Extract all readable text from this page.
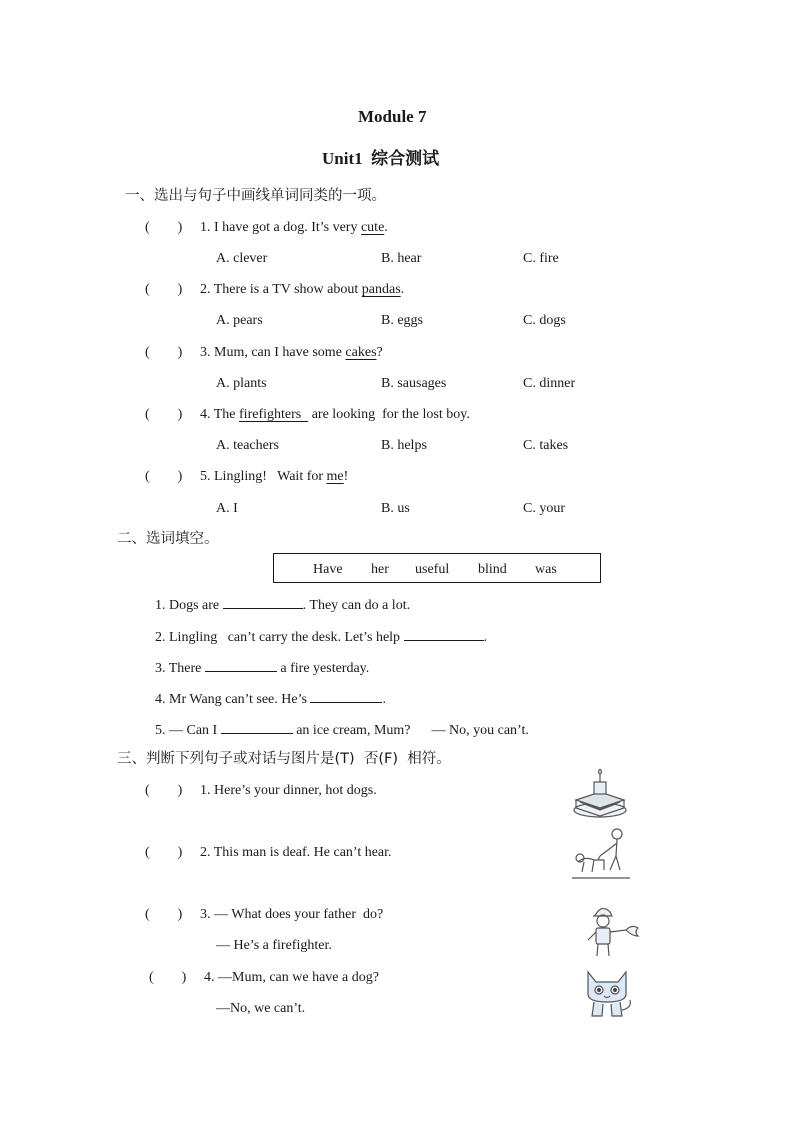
Module 7
Unit1  综合测试
一、选出与句子中画线单词同类的一项。
(        ) 1. I have got a dog. It’s very cute.
A. clever	B. hear	C. fire
(        ) 2. There is a TV show about pandas.
A. pears	B. eggs	C. dogs
(        ) 3. Mum, can I have some cakes?
A. plants	B. sausages	C. dinner
(        ) 4. The firefighters   are looking  for the lost boy.
A. teachers	B. helps	C. takes
(        ) 5. Lingling!   Wait for me!
A. I	B. us	C. your
二、选词填空。
Have her useful blind was
1. Dogs are	. They can do a lot.
2. Lingling   can’t carry the desk. Let’s help	.
3. There	a fire yesterday.
4. Mr Wang can’t see. He’s	.
5. — Can I	an ice cream, Mum?      — No, you can’t.
三、判断下列句子或对话与图片是(T)  否(F)  相符。
(        ) 1. Here’s your dinner, hot dogs.
(        ) 2. This man is deaf. He can’t hear.
(        ) 3. — What does your father  do?
— He’s a firefighter.
(        ) 4. —Mum, can we have a dog?
—No, we can’t.
